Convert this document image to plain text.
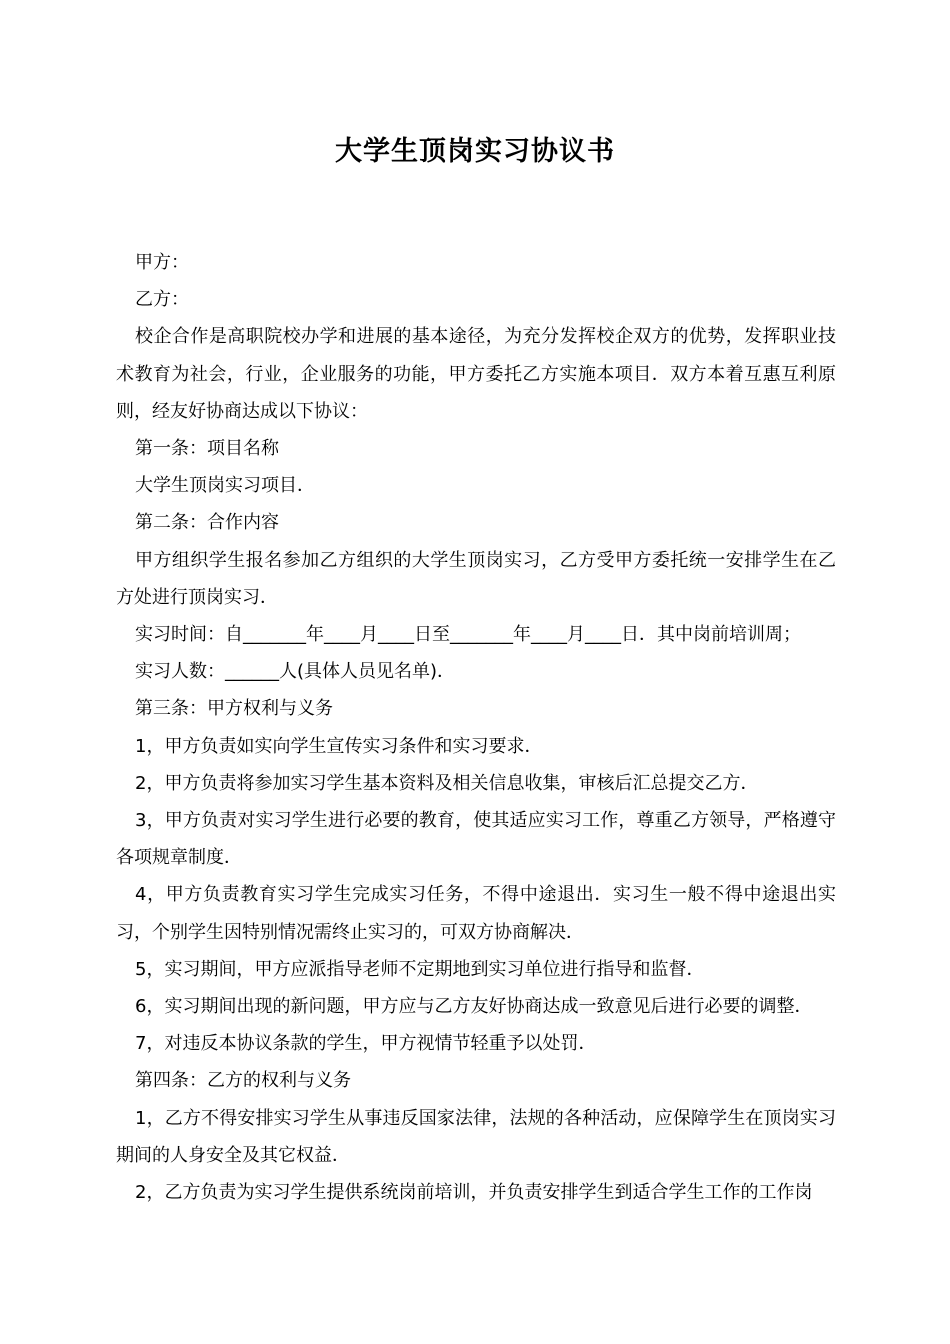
大学生顶岗实习协议书

甲方：

乙方：

校企合作是高职院校办学和进展的基本途径，为充分发挥校企双方的优势，发挥职业技术教育为社会，行业，企业服务的功能，甲方委托乙方实施本项目．双方本着互惠互利原则，经友好协商达成以下协议：

第一条：项目名称

大学生顶岗实习项目．

第二条：合作内容

甲方组织学生报名参加乙方组织的大学生顶岗实习，乙方受甲方委托统一安排学生在乙方处进行顶岗实习．

实习时间：自_______年____月____日至_______年____月____日．其中岗前培训周；

实习人数：______人(具体人员见名单)．

第三条：甲方权利与义务

1，甲方负责如实向学生宣传实习条件和实习要求．

2，甲方负责将参加实习学生基本资料及相关信息收集，审核后汇总提交乙方．

3，甲方负责对实习学生进行必要的教育，使其适应实习工作，尊重乙方领导，严格遵守各项规章制度．

4，甲方负责教育实习学生完成实习任务，不得中途退出．实习生一般不得中途退出实习，个别学生因特别情况需终止实习的，可双方协商解决．

5，实习期间，甲方应派指导老师不定期地到实习单位进行指导和监督．

6，实习期间出现的新问题，甲方应与乙方友好协商达成一致意见后进行必要的调整．

7，对违反本协议条款的学生，甲方视情节轻重予以处罚．

第四条：乙方的权利与义务

1，乙方不得安排实习学生从事违反国家法律，法规的各种活动，应保障学生在顶岗实习期间的人身安全及其它权益．

2，乙方负责为实习学生提供系统岗前培训，并负责安排学生到适合学生工作的工作岗
